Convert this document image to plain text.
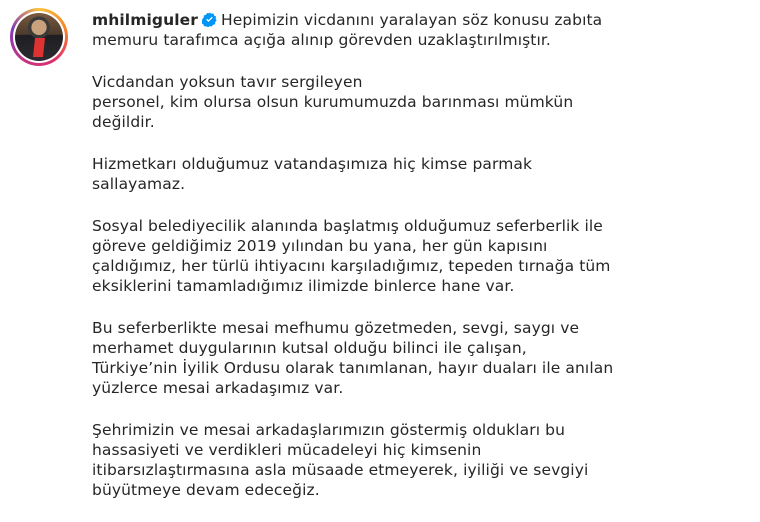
mhilmiguler Hepimizin vicdanını yaralayan söz konusu zabıta
memuru tarafımca açığa alınıp görevden uzaklaştırılmıştır.

Vicdandan yoksun tavır sergileyen
personel, kim olursa olsun kurumumuzda barınması mümkün
değildir.

Hizmetkarı olduğumuz vatandaşımıza hiç kimse parmak
sallayamaz.

Sosyal belediyecilik alanında başlatmış olduğumuz seferberlik ile
göreve geldiğimiz 2019 yılından bu yana, her gün kapısını
çaldığımız, her türlü ihtiyacını karşıladığımız, tepeden tırnağa tüm
eksiklerini tamamladığımız ilimizde binlerce hane var.

Bu seferberlikte mesai mefhumu gözetmeden, sevgi, saygı ve
merhamet duygularının kutsal olduğu bilinci ile çalışan,
Türkiye’nin İyilik Ordusu olarak tanımlanan, hayır duaları ile anılan
yüzlerce mesai arkadaşımız var.

Şehrimizin ve mesai arkadaşlarımızın göstermiş oldukları bu
hassasiyeti ve verdikleri mücadeleyi hiç kimsenin
itibarsızlaştırmasına asla müsaade etmeyerek, iyiliği ve sevgiyi
büyütmeye devam edeceğiz.
